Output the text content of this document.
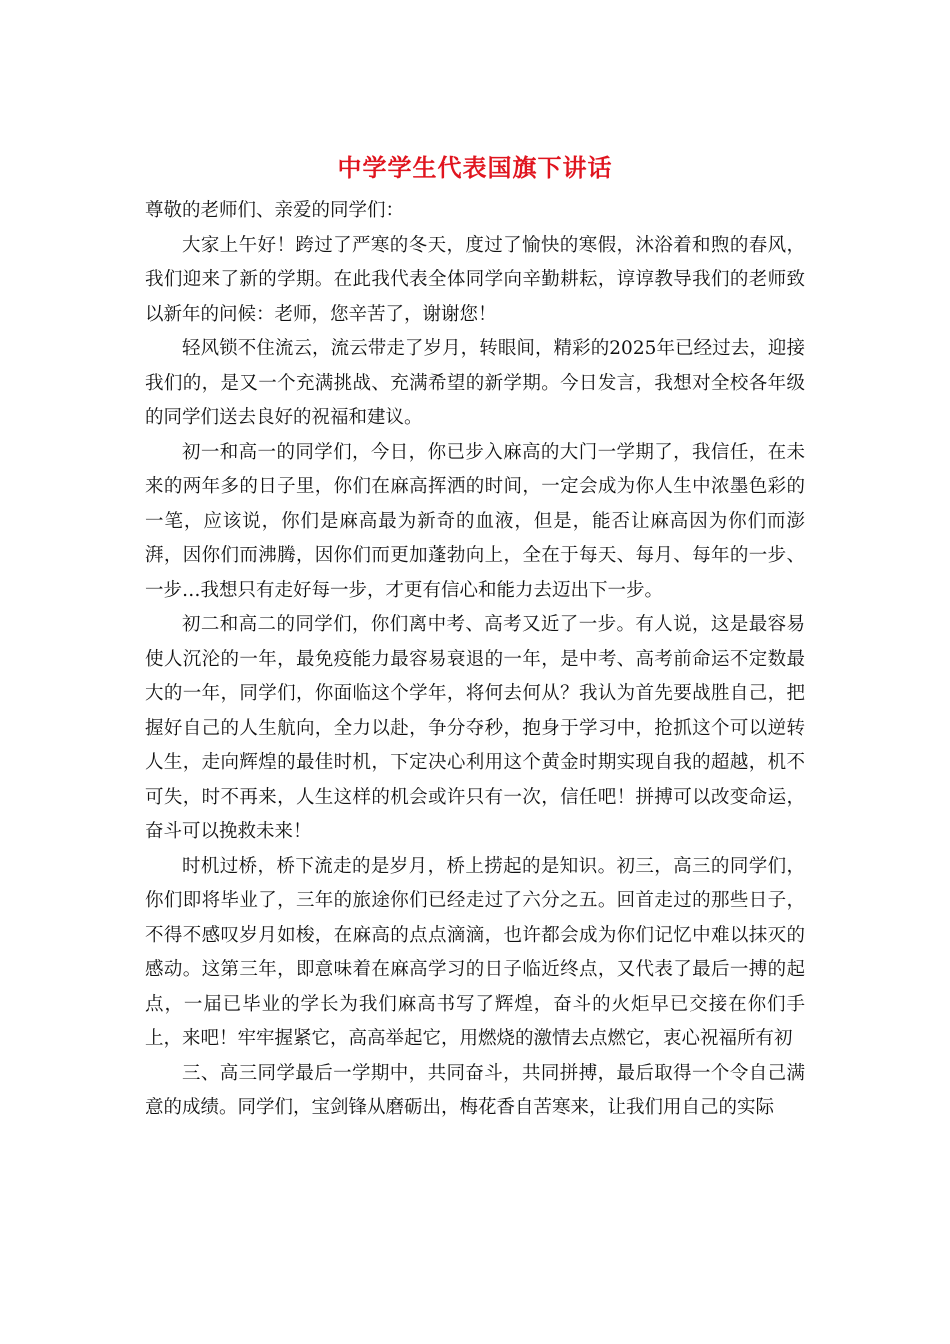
中学学生代表国旗下讲话

尊敬的老师们、亲爱的同学们：

大家上午好！跨过了严寒的冬天，度过了愉快的寒假，沐浴着和煦的春风，我们迎来了新的学期。在此我代表全体同学向辛勤耕耘，谆谆教导我们的老师致以新年的问候：老师，您辛苦了，谢谢您！

轻风锁不住流云，流云带走了岁月，转眼间，精彩的2025年已经过去，迎接我们的，是又一个充满挑战、充满希望的新学期。今日发言，我想对全校各年级的同学们送去良好的祝福和建议。

初一和高一的同学们，今日，你已步入麻高的大门一学期了，我信任，在未来的两年多的日子里，你们在麻高挥洒的时间，一定会成为你人生中浓墨色彩的一笔，应该说，你们是麻高最为新奇的血液，但是，能否让麻高因为你们而澎湃，因你们而沸腾，因你们而更加蓬勃向上，全在于每天、每月、每年的一步、一步…我想只有走好每一步，才更有信心和能力去迈出下一步。

初二和高二的同学们，你们离中考、高考又近了一步。有人说，这是最容易使人沉沦的一年，最免疫能力最容易衰退的一年，是中考、高考前命运不定数最大的一年，同学们，你面临这个学年，将何去何从？我认为首先要战胜自己，把握好自己的人生航向，全力以赴，争分夺秒，抱身于学习中，抢抓这个可以逆转人生，走向辉煌的最佳时机，下定决心利用这个黄金时期实现自我的超越，机不可失，时不再来，人生这样的机会或许只有一次，信任吧！拼搏可以改变命运，奋斗可以挽救未来！

时机过桥，桥下流走的是岁月，桥上捞起的是知识。初三，高三的同学们，你们即将毕业了，三年的旅途你们已经走过了六分之五。回首走过的那些日子，不得不感叹岁月如梭，在麻高的点点滴滴，也许都会成为你们记忆中难以抹灭的感动。这第三年，即意味着在麻高学习的日子临近终点，又代表了最后一搏的起点，一届已毕业的学长为我们麻高书写了辉煌，奋斗的火炬早已交接在你们手上，来吧！牢牢握紧它，高高举起它，用燃烧的激情去点燃它，衷心祝福所有初

三、高三同学最后一学期中，共同奋斗，共同拼搏，最后取得一个令自己满意的成绩。同学们，宝剑锋从磨砺出，梅花香自苦寒来，让我们用自己的实际
